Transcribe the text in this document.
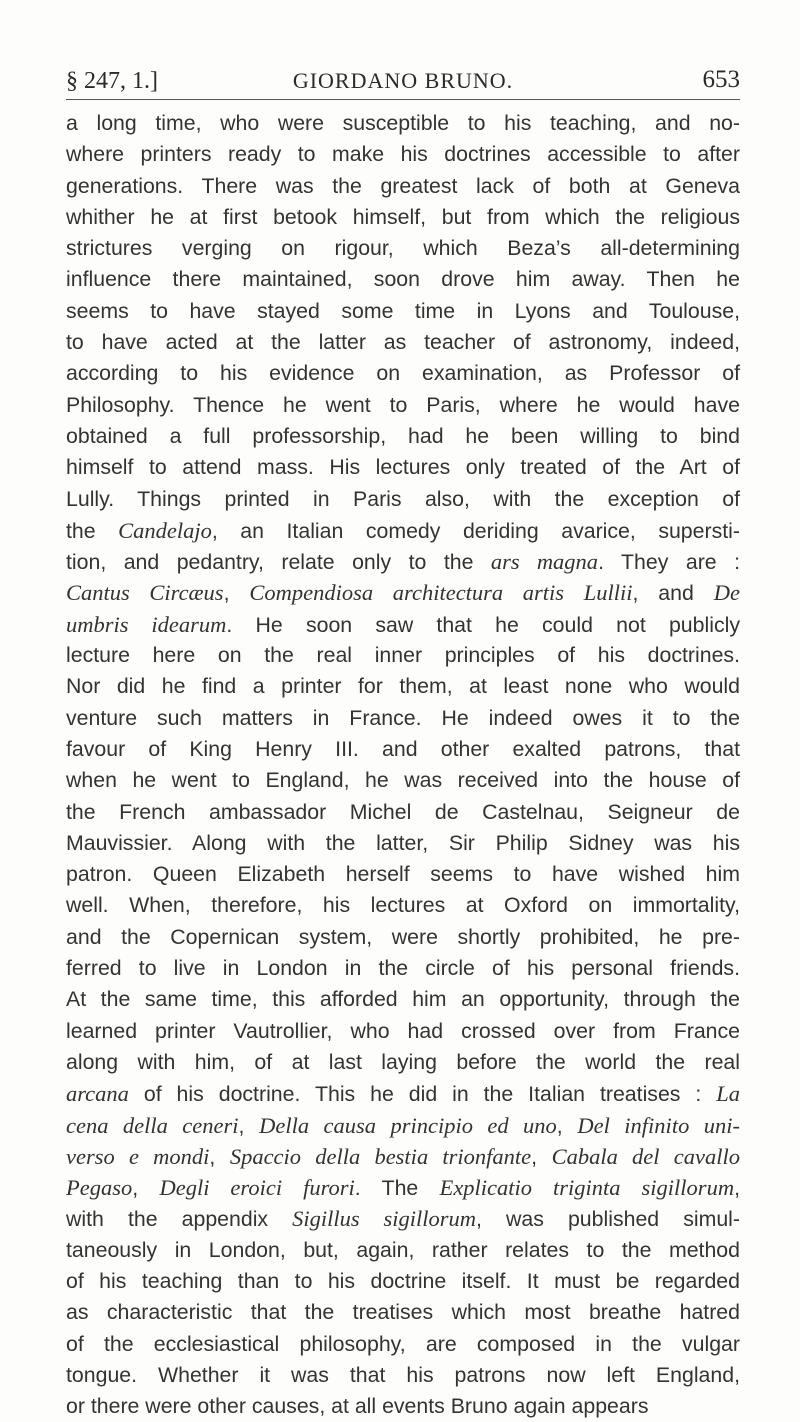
§ 247, 1.]	GIORDANO BRUNO.	653
a long time, who were susceptible to his teaching, and no-
where printers ready to make his doctrines accessible to after
generations. There was the greatest lack of both at Geneva
whither he at first betook himself, but from which the religious
strictures verging on rigour, which Beza’s all-determining
influence there maintained, soon drove him away. Then he
seems to have stayed some time in Lyons and Toulouse,
to have acted at the latter as teacher of astronomy, indeed,
according to his evidence on examination, as Professor of
Philosophy. Thence he went to Paris, where he would have
obtained a full professorship, had he been willing to bind
himself to attend mass. His lectures only treated of the Art of
Lully. Things printed in Paris also, with the exception of
the Candelajo, an Italian comedy deriding avarice, supersti-
tion, and pedantry, relate only to the ars magna. They are :
Cantus Circæus, Compendiosa architectura artis Lullii, and De
umbris idearum. He soon saw that he could not publicly
lecture here on the real inner principles of his doctrines.
Nor did he find a printer for them, at least none who would
venture such matters in France. He indeed owes it to the
favour of King Henry III. and other exalted patrons, that
when he went to England, he was received into the house of
the French ambassador Michel de Castelnau, Seigneur de
Mauvissier. Along with the latter, Sir Philip Sidney was his
patron. Queen Elizabeth herself seems to have wished him
well. When, therefore, his lectures at Oxford on immortality,
and the Copernican system, were shortly prohibited, he pre-
ferred to live in London in the circle of his personal friends.
At the same time, this afforded him an opportunity, through the
learned printer Vautrollier, who had crossed over from France
along with him, of at last laying before the world the real
arcana of his doctrine. This he did in the Italian treatises : La
cena della ceneri, Della causa principio ed uno, Del infinito uni-
verso e mondi, Spaccio della bestia trionfante, Cabala del cavallo
Pegaso, Degli eroici furori. The Explicatio triginta sigillorum,
with the appendix Sigillus sigillorum, was published simul-
taneously in London, but, again, rather relates to the method
of his teaching than to his doctrine itself. It must be regarded
as characteristic that the treatises which most breathe hatred
of the ecclesiastical philosophy, are composed in the vulgar
tongue. Whether it was that his patrons now left England,
or there were other causes, at all events Bruno again appears
